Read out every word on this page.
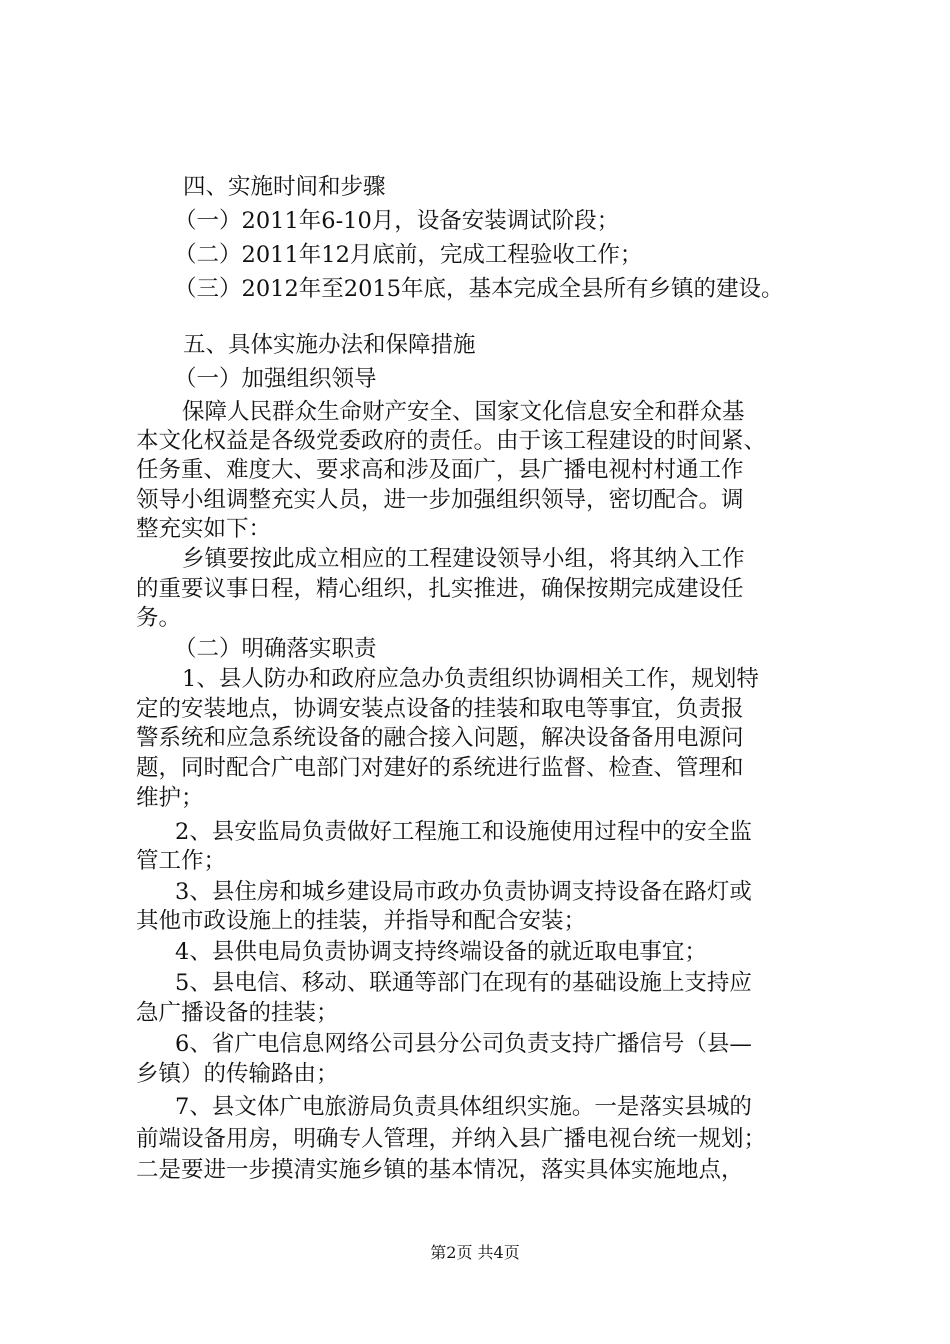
四、实施时间和步骤
（一）2011年6-10月，设备安装调试阶段；
（二）2011年12月底前，完成工程验收工作；
（三）2012年至2015年底，基本完成全县所有乡镇的建设。
五、具体实施办法和保障措施
（一）加强组织领导
保障人民群众生命财产安全、国家文化信息安全和群众基
本文化权益是各级党委政府的责任。由于该工程建设的时间紧、
任务重、难度大、要求高和涉及面广，县广播电视村村通工作
领导小组调整充实人员，进一步加强组织领导，密切配合。调
整充实如下：
乡镇要按此成立相应的工程建设领导小组，将其纳入工作
的重要议事日程，精心组织，扎实推进，确保按期完成建设任
务。
（二）明确落实职责
1、县人防办和政府应急办负责组织协调相关工作，规划特
定的安装地点，协调安装点设备的挂装和取电等事宜，负责报
警系统和应急系统设备的融合接入问题，解决设备备用电源问
题，同时配合广电部门对建好的系统进行监督、检查、管理和
维护；
2、县安监局负责做好工程施工和设施使用过程中的安全监
管工作；
3、县住房和城乡建设局市政办负责协调支持设备在路灯或
其他市政设施上的挂装，并指导和配合安装；
4、县供电局负责协调支持终端设备的就近取电事宜；
5、县电信、移动、联通等部门在现有的基础设施上支持应
急广播设备的挂装；
6、省广电信息网络公司县分公司负责支持广播信号（县—
乡镇）的传输路由；
7、县文体广电旅游局负责具体组织实施。一是落实县城的
前端设备用房，明确专人管理，并纳入县广播电视台统一规划；
二是要进一步摸清实施乡镇的基本情况，落实具体实施地点，
第2页 共4页
